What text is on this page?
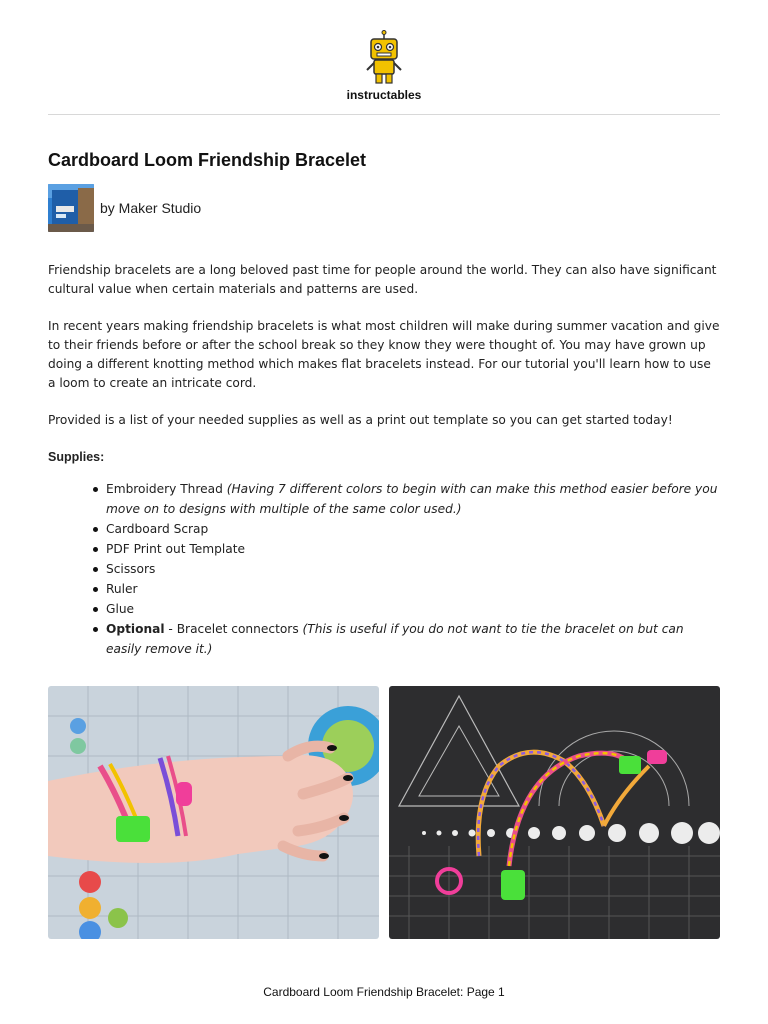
instructables
Cardboard Loom Friendship Bracelet
by Maker Studio

Friendship bracelets are a long beloved past time for people around the world. They can also have significant cultural value when certain materials and patterns are used.

In recent years making friendship bracelets is what most children will make during summer vacation and give to their friends before or after the school break so they know they were thought of. You may have grown up doing a different knotting method which makes flat bracelets instead. For our tutorial you'll learn how to use a loom to create an intricate cord.

Provided is a list of your needed supplies as well as a print out template so you can get started today!

Supplies:
Embroidery Thread (Having 7 different colors to begin with can make this method easier before you move on to designs with multiple of the same color used.)
Cardboard Scrap
PDF Print out Template
Scissors
Ruler
Glue
Optional - Bracelet connectors (This is useful if you do not want to tie the bracelet on but can easily remove it.)
Cardboard Loom Friendship Bracelet: Page 1
